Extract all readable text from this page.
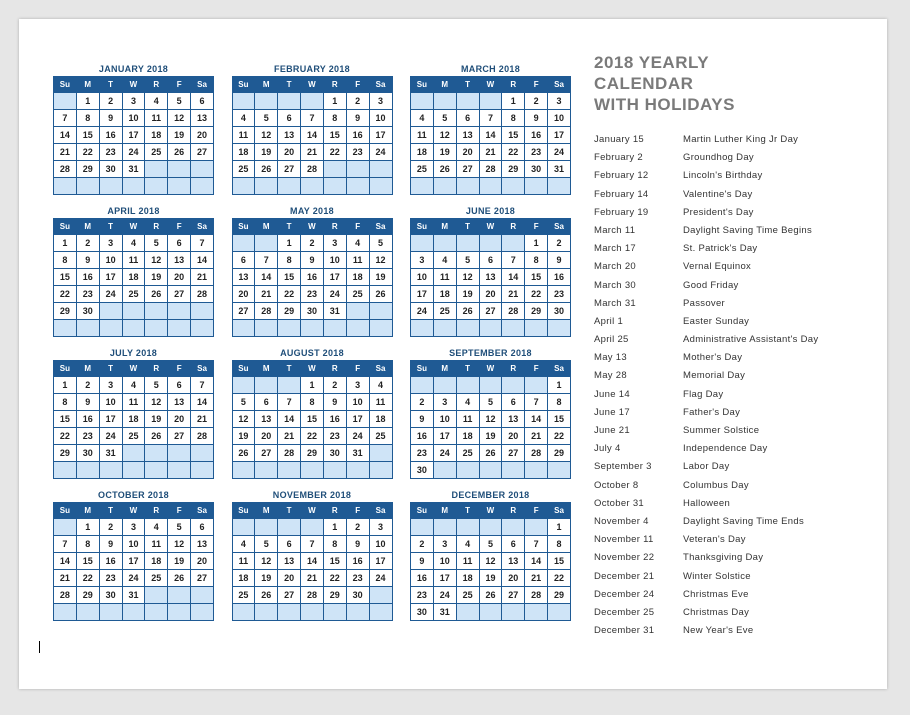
JANUARY 2018
Su	M	T	W	R	F	Sa
	1	2	3	4	5	6
7	8	9	10	11	12	13
14	15	16	17	18	19	20
21	22	23	24	25	26	27
28	29	30	31			

FEBRUARY 2018
Su	M	T	W	R	F	Sa
				1	2	3
4	5	6	7	8	9	10
11	12	13	14	15	16	17
18	19	20	21	22	23	24
25	26	27	28			

MARCH 2018
Su	M	T	W	R	F	Sa
				1	2	3
4	5	6	7	8	9	10
11	12	13	14	15	16	17
18	19	20	21	22	23	24
25	26	27	28	29	30	31

APRIL 2018
Su	M	T	W	R	F	Sa
1	2	3	4	5	6	7
8	9	10	11	12	13	14
15	16	17	18	19	20	21
22	23	24	25	26	27	28
29	30					

MAY 2018
Su	M	T	W	R	F	Sa
		1	2	3	4	5
6	7	8	9	10	11	12
13	14	15	16	17	18	19
20	21	22	23	24	25	26
27	28	29	30	31		

JUNE 2018
Su	M	T	W	R	F	Sa
					1	2
3	4	5	6	7	8	9
10	11	12	13	14	15	16
17	18	19	20	21	22	23
24	25	26	27	28	29	30

JULY 2018
Su	M	T	W	R	F	Sa
1	2	3	4	5	6	7
8	9	10	11	12	13	14
15	16	17	18	19	20	21
22	23	24	25	26	27	28
29	30	31				

AUGUST 2018
Su	M	T	W	R	F	Sa
			1	2	3	4
5	6	7	8	9	10	11
12	13	14	15	16	17	18
19	20	21	22	23	24	25
26	27	28	29	30	31	

SEPTEMBER 2018
Su	M	T	W	R	F	Sa
						1
2	3	4	5	6	7	8
9	10	11	12	13	14	15
16	17	18	19	20	21	22
23	24	25	26	27	28	29
30						
OCTOBER 2018
Su	M	T	W	R	F	Sa
	1	2	3	4	5	6
7	8	9	10	11	12	13
14	15	16	17	18	19	20
21	22	23	24	25	26	27
28	29	30	31			

NOVEMBER 2018
Su	M	T	W	R	F	Sa
				1	2	3
4	5	6	7	8	9	10
11	12	13	14	15	16	17
18	19	20	21	22	23	24
25	26	27	28	29	30	

DECEMBER 2018
Su	M	T	W	R	F	Sa
						1
2	3	4	5	6	7	8
9	10	11	12	13	14	15
16	17	18	19	20	21	22
23	24	25	26	27	28	29
30	31					
2018 YEARLY
CALENDAR
WITH HOLIDAYS
January 15	Martin Luther King Jr Day
February 2	Groundhog Day
February 12	Lincoln's Birthday
February 14	Valentine's Day
February 19	President's Day
March 11	Daylight Saving Time Begins
March 17	St. Patrick's Day
March 20	Vernal Equinox
March 30	Good Friday
March 31	Passover
April 1	Easter Sunday
April 25	Administrative Assistant's Day
May 13	Mother's Day
May 28	Memorial Day
June 14	Flag Day
June 17	Father's Day
June 21	Summer Solstice
July 4	Independence Day
September 3	Labor Day
October 8	Columbus Day
October 31	Halloween
November 4	Daylight Saving Time Ends
November 11	Veteran's Day
November 22	Thanksgiving Day
December 21	Winter Solstice
December 24	Christmas Eve
December 25	Christmas Day
December 31	New Year's Eve
